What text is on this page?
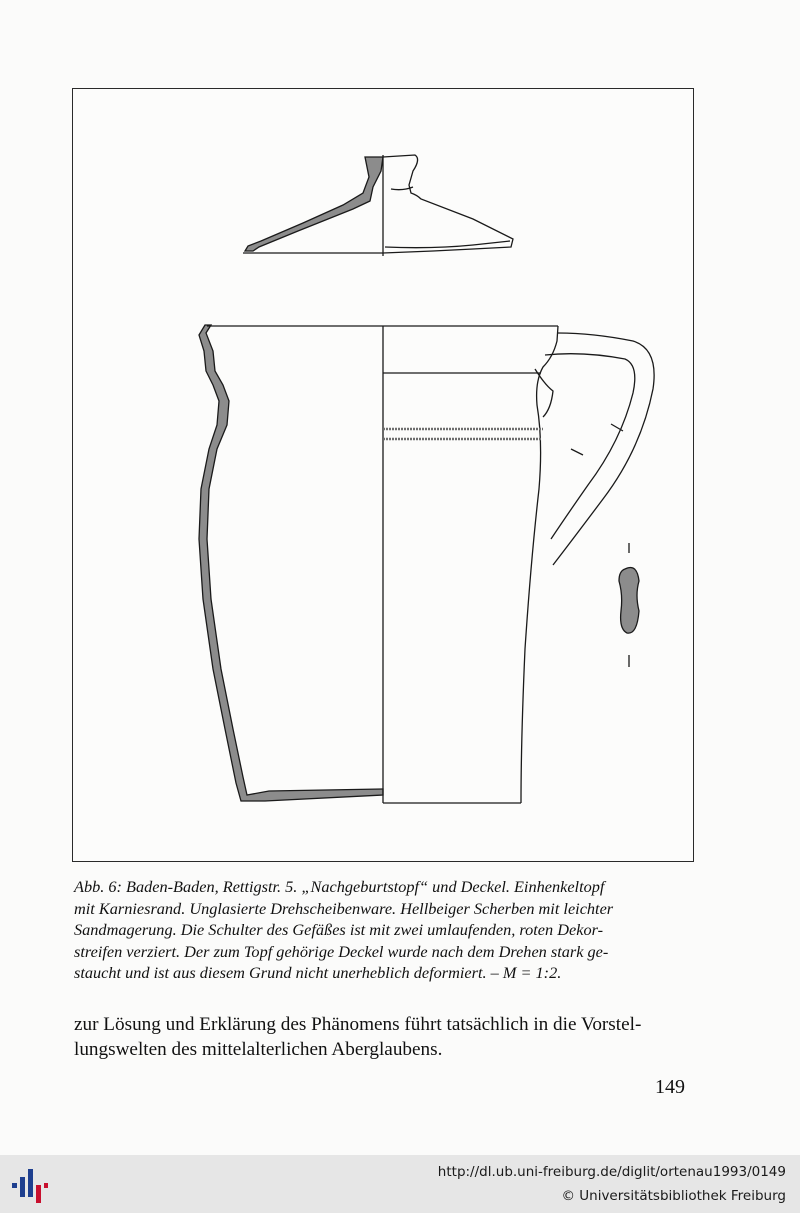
Abb. 6: Baden-Baden, Rettigstr. 5. „Nachgeburtstopf“ und Deckel. Einhenkeltopf
mit Karniesrand. Unglasierte Drehscheibenware. Hellbeiger Scherben mit leichter
Sandmagerung. Die Schulter des Gefäßes ist mit zwei umlaufenden, roten Dekor-
streifen verziert. Der zum Topf gehörige Deckel wurde nach dem Drehen stark ge-
staucht und ist aus diesem Grund nicht unerheblich deformiert. – M = 1:2.
zur Lösung und Erklärung des Phänomens führt tatsächlich in die Vorstel-
lungswelten des mittelalterlichen Aberglaubens.
149
http://dl.ub.uni-freiburg.de/diglit/ortenau1993/0149
© Universitätsbibliothek Freiburg
